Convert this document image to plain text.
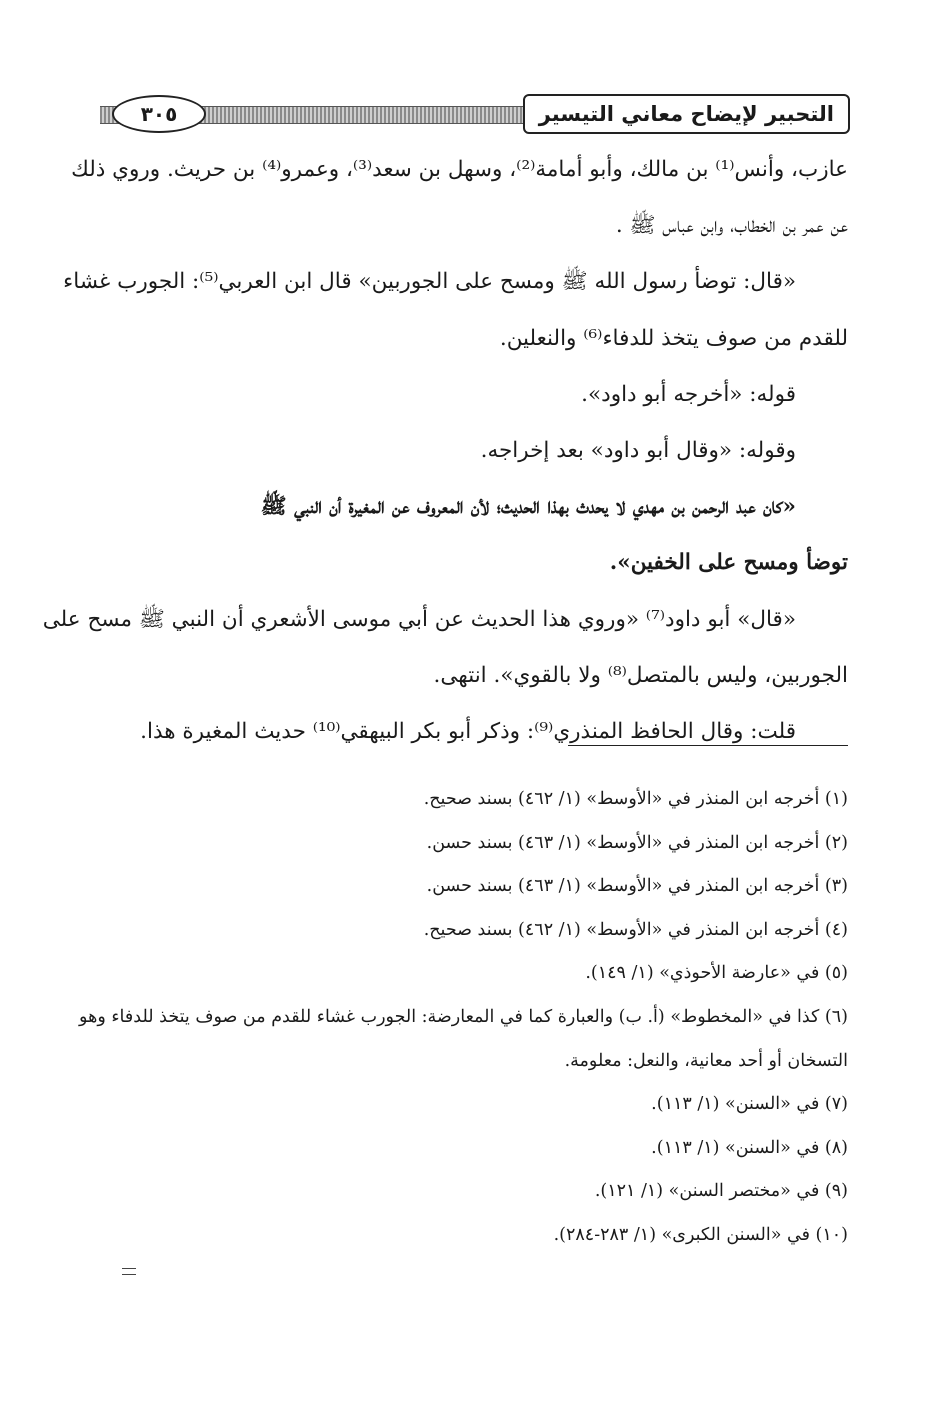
التحبير لإيضاح معاني التيسير
٣٠٥
عازب، وأنس⁽¹⁾ بن مالك، وأبو أمامة⁽²⁾، وسهل بن سعد⁽³⁾، وعمرو⁽⁴⁾ بن حريث. وروي ذلك
عن عمر بن الخطاب، وابن عباس ﷺ .
«قال: توضأ رسول الله ﷺ ومسح على الجوربين» قال ابن العربي⁽⁵⁾: الجورب غشاء
للقدم من صوف يتخذ للدفاء⁽⁶⁾ والنعلين.
قوله: «أخرجه أبو داود».
وقوله: «وقال أبو داود» بعد إخراجه.
«كان عبد الرحمن بن مهدي لا يحدث بهذا الحديث؛ لأن المعروف عن المغيرة أن النبي ﷺ
توضأ ومسح على الخفين».
«قال» أبو داود⁽⁷⁾ «وروي هذا الحديث عن أبي موسى الأشعري أن النبي ﷺ مسح على
الجوربين، وليس بالمتصل⁽⁸⁾ ولا بالقوي». انتهى.
قلت: وقال الحافظ المنذري⁽⁹⁾: وذكر أبو بكر البيهقي⁽¹⁰⁾ حديث المغيرة هذا.
(١) أخرجه ابن المنذر في «الأوسط» (١/ ٤٦٢) بسند صحيح.
(٢) أخرجه ابن المنذر في «الأوسط» (١/ ٤٦٣) بسند حسن.
(٣) أخرجه ابن المنذر في «الأوسط» (١/ ٤٦٣) بسند حسن.
(٤) أخرجه ابن المنذر في «الأوسط» (١/ ٤٦٢) بسند صحيح.
(٥) في «عارضة الأحوذي» (١/ ١٤٩).
(٦) كذا في «المخطوط» (أ. ب) والعبارة كما في المعارضة: الجورب غشاء للقدم من صوف يتخذ للدفاء وهو
التسخان أو أحد معانية، والنعل: معلومة.
(٧) في «السنن» (١/ ١١٣).
(٨) في «السنن» (١/ ١١٣).
(٩) في «مختصر السنن» (١/ ١٢١).
(١٠) في «السنن الكبرى» (١/ ٢٨٣-٢٨٤).
